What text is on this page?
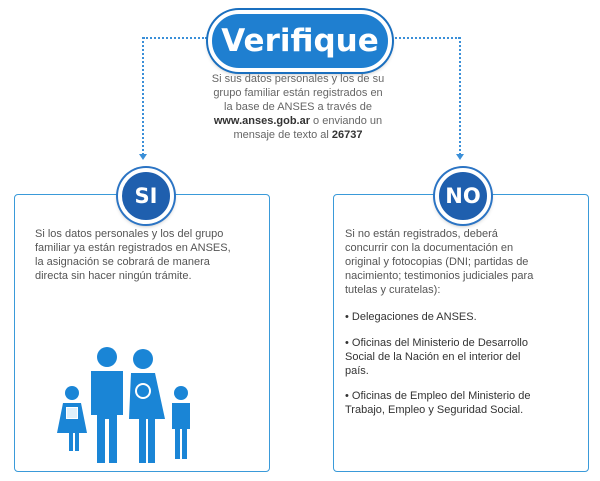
Verifique
Si sus datos personales y los de su
grupo familiar están registrados en
la base de ANSES a través de
www.anses.gob.ar o enviando un
mensaje de texto al 26737
Si los datos personales y los del grupo
familiar ya están registrados en ANSES,
la asignación se cobrará de manera
directa sin hacer ningún trámite.
SI
Si no están registrados, deberá
concurrir con la documentación en
original y fotocopias (DNI; partidas de
nacimiento; testimonios judiciales para
tutelas y curatelas):
• Delegaciones de ANSES.
• Oficinas del Ministerio de Desarrollo
Social de la Nación en el interior del
país.
• Oficinas de Empleo del Ministerio de
Trabajo, Empleo y Seguridad Social.
NO
